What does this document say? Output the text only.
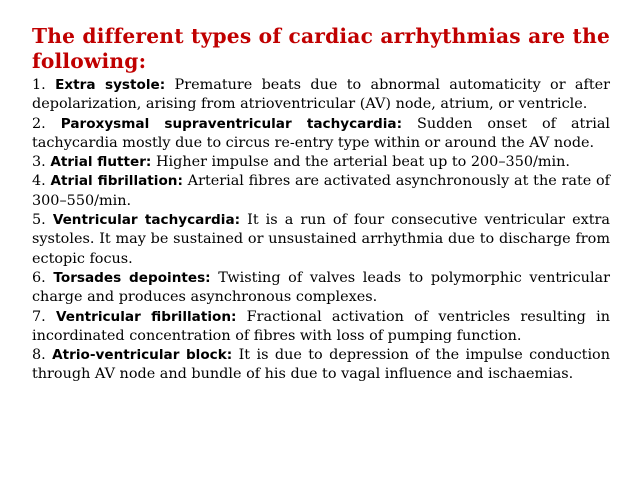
The different types of cardiac arrhythmias are the following:
1. Extra systole: Premature beats due to abnormal automaticity or after depolarization, arising from atrioventricular (AV) node, atrium, or ventricle.
2. Paroxysmal supraventricular tachycardia: Sudden onset of atrial tachycardia mostly due to circus re-entry type within or around the AV node.
3. Atrial flutter: Higher impulse and the arterial beat up to 200–350/min.
4. Atrial fibrillation: Arterial fibres are activated asynchronously at the rate of 300–550/min.
5. Ventricular tachycardia: It is a run of four consecutive ventricular extra systoles. It may be sustained or unsustained arrhythmia due to discharge from ectopic focus.
6. Torsades depointes: Twisting of valves leads to polymorphic ventricular charge and produces asynchronous complexes.
7. Ventricular fibrillation: Fractional activation of ventricles resulting in incordinated concentration of fibres with loss of pumping function.
8. Atrio-ventricular block: It is due to depression of the impulse conduction through AV node and bundle of his due to vagal influence and ischaemias.
